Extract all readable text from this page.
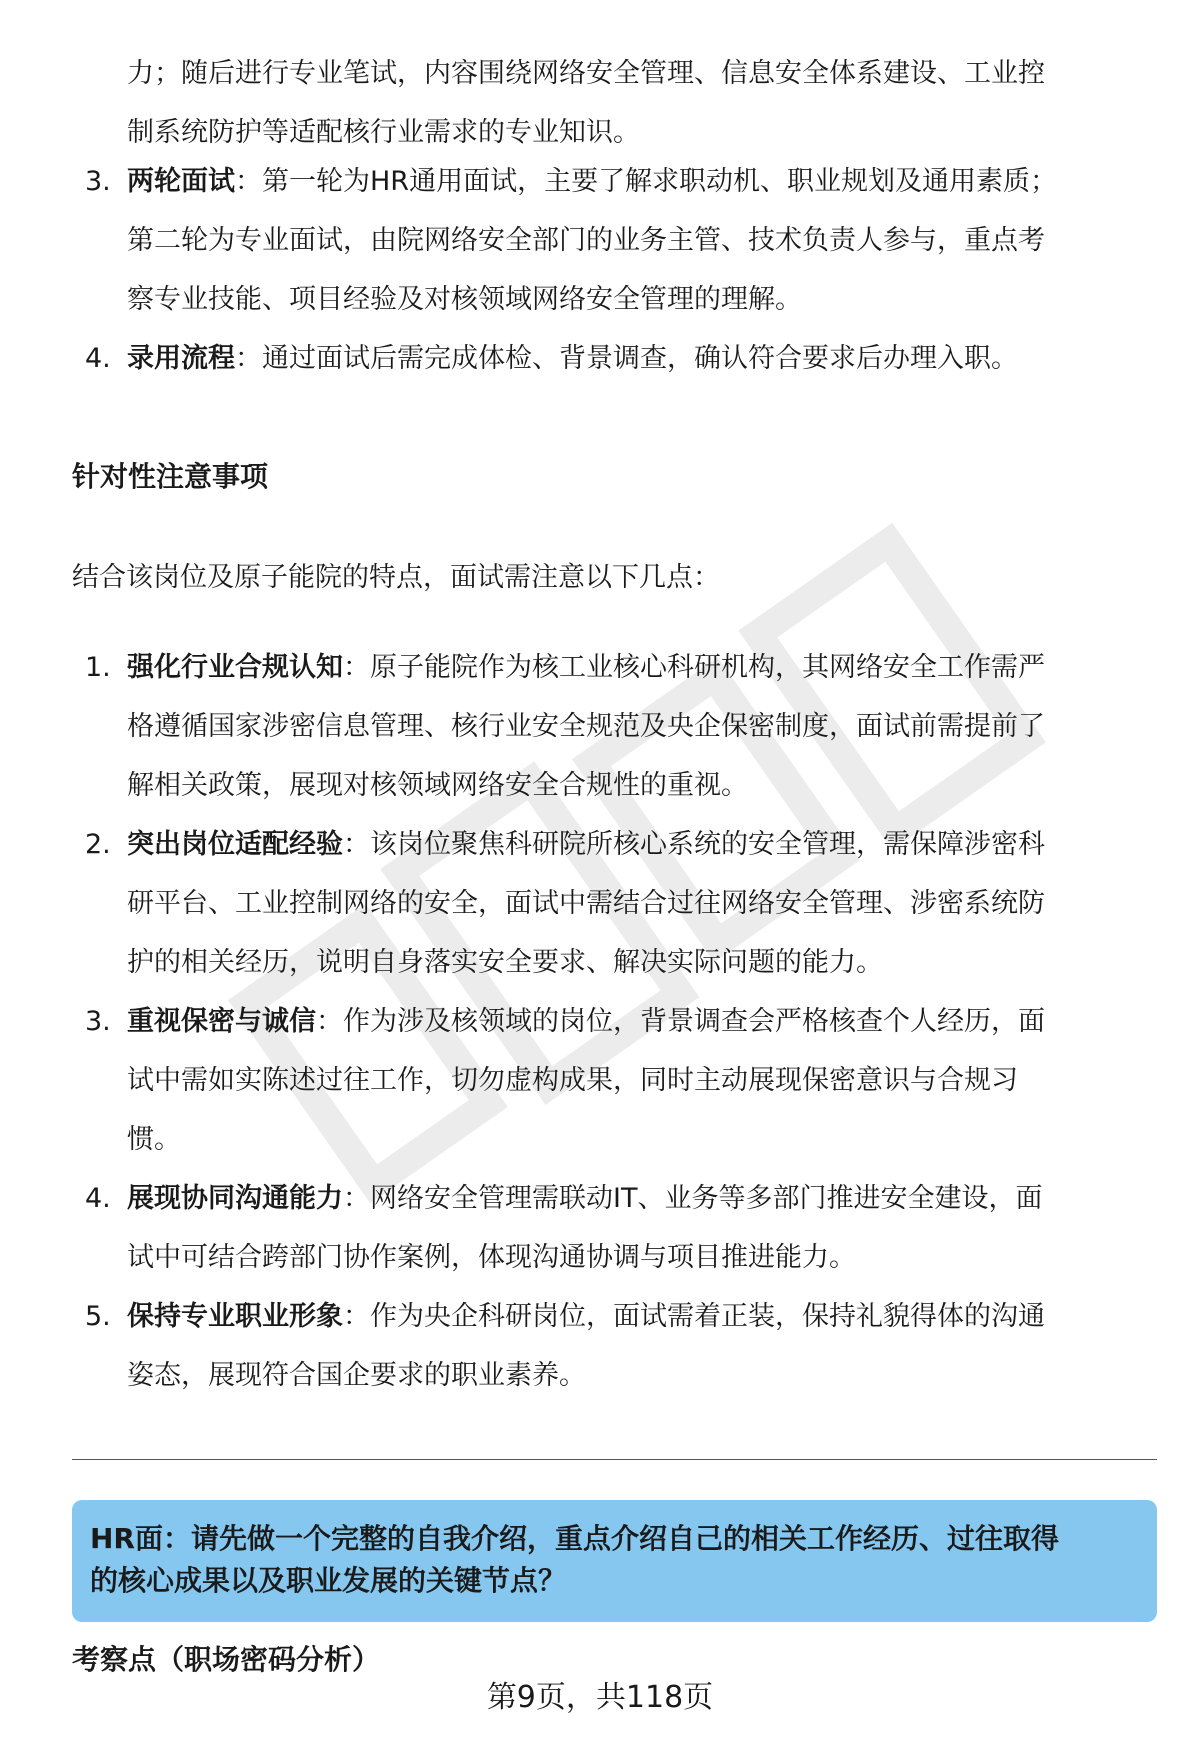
力；随后进行专业笔试，内容围绕网络安全管理、信息安全体系建设、工业控
制系统防护等适配核行业需求的专业知识。
3. 两轮面试：第一轮为HR通用面试，主要了解求职动机、职业规划及通用素质；
第二轮为专业面试，由院网络安全部门的业务主管、技术负责人参与，重点考
察专业技能、项目经验及对核领域网络安全管理的理解。
4. 录用流程：通过面试后需完成体检、背景调查，确认符合要求后办理入职。
针对性注意事项
结合该岗位及原子能院的特点，面试需注意以下几点：
1. 强化行业合规认知：原子能院作为核工业核心科研机构，其网络安全工作需严
格遵循国家涉密信息管理、核行业安全规范及央企保密制度，面试前需提前了
解相关政策，展现对核领域网络安全合规性的重视。
2. 突出岗位适配经验：该岗位聚焦科研院所核心系统的安全管理，需保障涉密科
研平台、工业控制网络的安全，面试中需结合过往网络安全管理、涉密系统防
护的相关经历，说明自身落实安全要求、解决实际问题的能力。
3. 重视保密与诚信：作为涉及核领域的岗位，背景调查会严格核查个人经历，面
试中需如实陈述过往工作，切勿虚构成果，同时主动展现保密意识与合规习
惯。
4. 展现协同沟通能力：网络安全管理需联动IT、业务等多部门推进安全建设，面
试中可结合跨部门协作案例，体现沟通协调与项目推进能力。
5. 保持专业职业形象：作为央企科研岗位，面试需着正装，保持礼貌得体的沟通
姿态，展现符合国企要求的职业素养。
HR面：请先做一个完整的自我介绍，重点介绍自己的相关工作经历、过往取得
的核心成果以及职业发展的关键节点？
考察点（职场密码分析）
第9页，共118页
